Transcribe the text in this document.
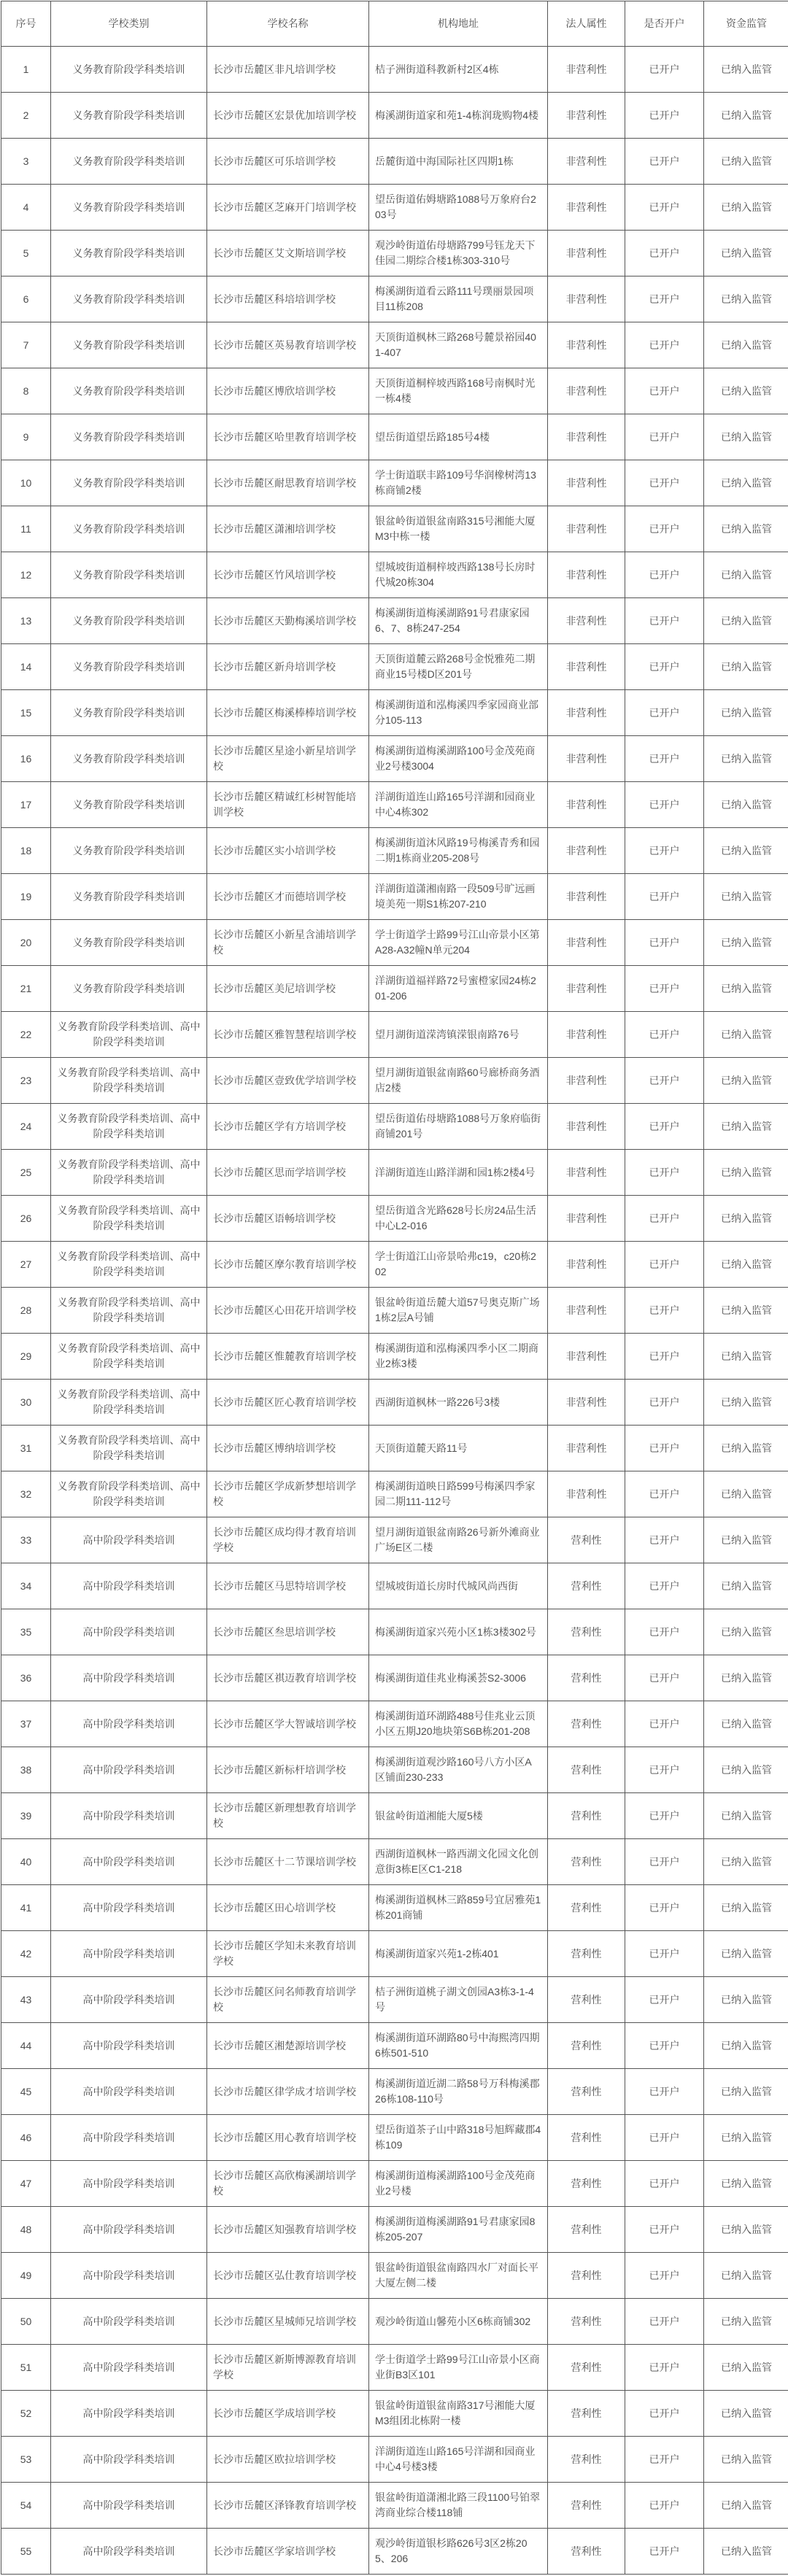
序号	学校类别	学校名称	机构地址	法人属性	是否开户	资金监管
1	义务教育阶段学科类培训	长沙市岳麓区非凡培训学校	桔子洲街道科教新村2区4栋	非营利性	已开户	已纳入监管
2	义务教育阶段学科类培训	长沙市岳麓区宏景优加培训学校	梅溪湖街道家和苑1-4栋润珑购物4楼	非营利性	已开户	已纳入监管
3	义务教育阶段学科类培训	长沙市岳麓区可乐培训学校	岳麓街道中海国际社区四期1栋	非营利性	已开户	已纳入监管
4	义务教育阶段学科类培训	长沙市岳麓区芝麻开门培训学校	望岳街道佑姆塘路1088号万象府台203号	非营利性	已开户	已纳入监管
5	义务教育阶段学科类培训	长沙市岳麓区艾文斯培训学校	观沙岭街道佑母塘路799号钰龙天下佳园二期综合楼1栋303-310号	非营利性	已开户	已纳入监管
6	义务教育阶段学科类培训	长沙市岳麓区科培培训学校	梅溪湖街道看云路111号璞丽景园项目11栋208	非营利性	已开户	已纳入监管
7	义务教育阶段学科类培训	长沙市岳麓区英易教育培训学校	天顶街道枫林三路268号麓景裕园401-407	非营利性	已开户	已纳入监管
8	义务教育阶段学科类培训	长沙市岳麓区博欣培训学校	天顶街道桐梓坡西路168号南枫时光一栋4楼	非营利性	已开户	已纳入监管
9	义务教育阶段学科类培训	长沙市岳麓区哈里教育培训学校	望岳街道望岳路185号4楼	非营利性	已开户	已纳入监管
10	义务教育阶段学科类培训	长沙市岳麓区耐思教育培训学校	学士街道联丰路109号华润橡树湾13栋商铺2楼	非营利性	已开户	已纳入监管
11	义务教育阶段学科类培训	长沙市岳麓区潇湘培训学校	银盆岭街道银盆南路315号湘能大厦M3中栋一楼	非营利性	已开户	已纳入监管
12	义务教育阶段学科类培训	长沙市岳麓区竹风培训学校	望城坡街道桐梓坡西路138号长房时代城20栋304	非营利性	已开户	已纳入监管
13	义务教育阶段学科类培训	长沙市岳麓区天勤梅溪培训学校	梅溪湖街道梅溪湖路91号君康家园6、7、8栋247-254	非营利性	已开户	已纳入监管
14	义务教育阶段学科类培训	长沙市岳麓区新舟培训学校	天顶街道麓云路268号金悦雅苑二期商业15号楼D区201号	非营利性	已开户	已纳入监管
15	义务教育阶段学科类培训	长沙市岳麓区梅溪棒棒培训学校	梅溪湖街道和泓梅溪四季家园商业部分105-113	非营利性	已开户	已纳入监管
16	义务教育阶段学科类培训	长沙市岳麓区星途小新星培训学校	梅溪湖街道梅溪湖路100号金茂苑商业2号楼3004	非营利性	已开户	已纳入监管
17	义务教育阶段学科类培训	长沙市岳麓区精诚红杉树智能培训学校	洋湖街道连山路165号洋湖和园商业中心4栋302	非营利性	已开户	已纳入监管
18	义务教育阶段学科类培训	长沙市岳麓区实小培训学校	梅溪湖街道沐风路19号梅溪青秀和园二期1栋商业205-208号	非营利性	已开户	已纳入监管
19	义务教育阶段学科类培训	长沙市岳麓区才而德培训学校	洋湖街道潇湘南路一段509号旷远画境美苑一期S1栋207-210	非营利性	已开户	已纳入监管
20	义务教育阶段学科类培训	长沙市岳麓区小新星含浦培训学校	学士街道学士路99号江山帝景小区第A28-A32幢N单元204	非营利性	已开户	已纳入监管
21	义务教育阶段学科类培训	长沙市岳麓区美尼培训学校	洋湖街道福祥路72号蜜橙家园24栋201-206	非营利性	已开户	已纳入监管
22	义务教育阶段学科类培训、高中阶段学科类培训	长沙市岳麓区雅智慧程培训学校	望月湖街道溁湾镇溁银南路76号	非营利性	已开户	已纳入监管
23	义务教育阶段学科类培训、高中阶段学科类培训	长沙市岳麓区壹致优学培训学校	望月湖街道银盆南路60号廊桥商务酒店2楼	非营利性	已开户	已纳入监管
24	义务教育阶段学科类培训、高中阶段学科类培训	长沙市岳麓区学有方培训学校	望岳街道佑母塘路1088号万象府临街商铺201号	非营利性	已开户	已纳入监管
25	义务教育阶段学科类培训、高中阶段学科类培训	长沙市岳麓区思而学培训学校	洋湖街道连山路洋湖和园1栋2楼4号	非营利性	已开户	已纳入监管
26	义务教育阶段学科类培训、高中阶段学科类培训	长沙市岳麓区语畅培训学校	望岳街道含光路628号长房24品生活中心L2-016	非营利性	已开户	已纳入监管
27	义务教育阶段学科类培训、高中阶段学科类培训	长沙市岳麓区摩尔教育培训学校	学士街道江山帝景哈弗c19，c20栋202	非营利性	已开户	已纳入监管
28	义务教育阶段学科类培训、高中阶段学科类培训	长沙市岳麓区心田花开培训学校	银盆岭街道岳麓大道57号奥克斯广场1栋2层A号铺	非营利性	已开户	已纳入监管
29	义务教育阶段学科类培训、高中阶段学科类培训	长沙市岳麓区惟麓教育培训学校	梅溪湖街道和泓梅溪四季小区二期商业2栋3楼	非营利性	已开户	已纳入监管
30	义务教育阶段学科类培训、高中阶段学科类培训	长沙市岳麓区匠心教育培训学校	西湖街道枫林一路226号3楼	非营利性	已开户	已纳入监管
31	义务教育阶段学科类培训、高中阶段学科类培训	长沙市岳麓区博纳培训学校	天顶街道麓天路11号	非营利性	已开户	已纳入监管
32	义务教育阶段学科类培训、高中阶段学科类培训	长沙市岳麓区学成新梦想培训学校	梅溪湖街道映日路599号梅溪四季家园二期111-112号	非营利性	已开户	已纳入监管
33	高中阶段学科类培训	长沙市岳麓区成均得才教育培训学校	望月湖街道银盆南路26号新外滩商业广场E区二楼	营利性	已开户	已纳入监管
34	高中阶段学科类培训	长沙市岳麓区马思特培训学校	望城坡街道长房时代城风尚西街	营利性	已开户	已纳入监管
35	高中阶段学科类培训	长沙市岳麓区叁思培训学校	梅溪湖街道家兴苑小区1栋3楼302号	营利性	已开户	已纳入监管
36	高中阶段学科类培训	长沙市岳麓区祺迈教育培训学校	梅溪湖街道佳兆业梅溪荟S2-3006	营利性	已开户	已纳入监管
37	高中阶段学科类培训	长沙市岳麓区学大智诚培训学校	梅溪湖街道环湖路488号佳兆业云顶小区五期J20地块第S6B栋201-208	营利性	已开户	已纳入监管
38	高中阶段学科类培训	长沙市岳麓区新标杆培训学校	梅溪湖街道观沙路160号八方小区A区铺面230-233	营利性	已开户	已纳入监管
39	高中阶段学科类培训	长沙市岳麓区新理想教育培训学校	银盆岭街道湘能大厦5楼	营利性	已开户	已纳入监管
40	高中阶段学科类培训	长沙市岳麓区十二节课培训学校	西湖街道枫林一路西湖文化园文化创意街3栋E区C1-218	营利性	已开户	已纳入监管
41	高中阶段学科类培训	长沙市岳麓区田心培训学校	梅溪湖街道枫林三路859号宜居雅苑1栋201商铺	营利性	已开户	已纳入监管
42	高中阶段学科类培训	长沙市岳麓区学知未来教育培训学校	梅溪湖街道家兴苑1-2栋401	营利性	已开户	已纳入监管
43	高中阶段学科类培训	长沙市岳麓区问名师教育培训学校	桔子洲街道桃子湖文创园A3栋3-1-4号	营利性	已开户	已纳入监管
44	高中阶段学科类培训	长沙市岳麓区湘楚源培训学校	梅溪湖街道环湖路80号中海熙湾四期6栋501-510	营利性	已开户	已纳入监管
45	高中阶段学科类培训	长沙市岳麓区律学成才培训学校	梅溪湖街道近湖二路58号万科梅溪郡26栋108-110号	营利性	已开户	已纳入监管
46	高中阶段学科类培训	长沙市岳麓区用心教育培训学校	望岳街道茶子山中路318号旭辉藏郡4栋109	营利性	已开户	已纳入监管
47	高中阶段学科类培训	长沙市岳麓区高欣梅溪湖培训学校	梅溪湖街道梅溪湖路100号金茂苑商业2号楼	营利性	已开户	已纳入监管
48	高中阶段学科类培训	长沙市岳麓区知强教育培训学校	梅溪湖街道梅溪湖路91号君康家园8栋205-207	营利性	已开户	已纳入监管
49	高中阶段学科类培训	长沙市岳麓区弘仕教育培训学校	银盆岭街道银盆南路四水厂对面长平大厦左侧二楼	营利性	已开户	已纳入监管
50	高中阶段学科类培训	长沙市岳麓区星城师兄培训学校	观沙岭街道山馨苑小区6栋商铺302	营利性	已开户	已纳入监管
51	高中阶段学科类培训	长沙市岳麓区新斯博源教育培训学校	学士街道学士路99号江山帝景小区商业街B3区101	营利性	已开户	已纳入监管
52	高中阶段学科类培训	长沙市岳麓区学成培训学校	银盆岭街道银盆南路317号湘能大厦M3组团北栋附一楼	营利性	已开户	已纳入监管
53	高中阶段学科类培训	长沙市岳麓区欧拉培训学校	洋湖街道连山路165号洋湖和园商业中心4号楼3楼	营利性	已开户	已纳入监管
54	高中阶段学科类培训	长沙市岳麓区泽锋教育培训学校	银盆岭街道潇湘北路三段1100号铂翠湾商业综合楼118铺	营利性	已开户	已纳入监管
55	高中阶段学科类培训	长沙市岳麓区学家培训学校	观沙岭街道银杉路626号3区2栋205、206	营利性	已开户	已纳入监管
